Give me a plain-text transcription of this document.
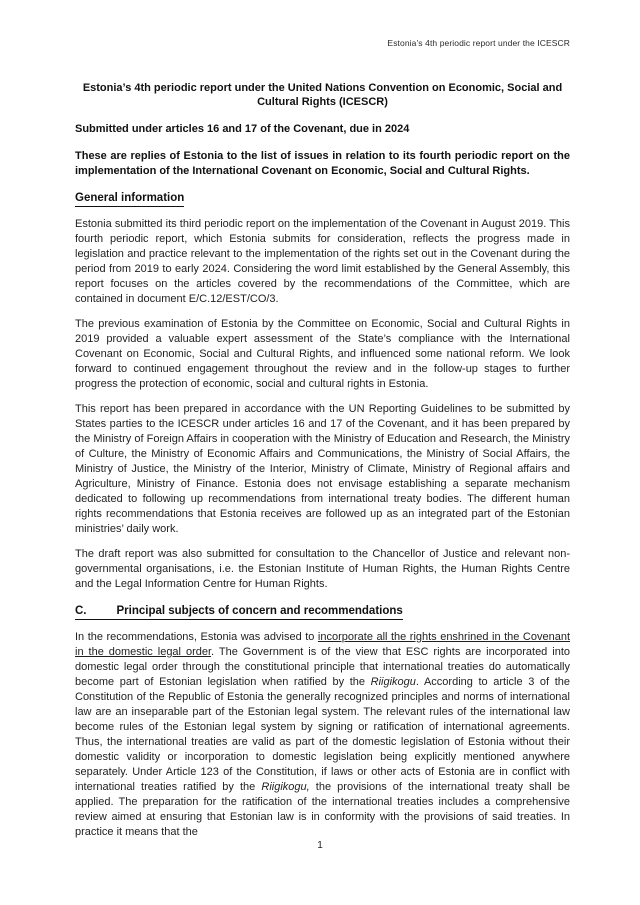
Estonia’s 4th periodic report under the ICESCR
Estonia’s 4th periodic report under the United Nations Convention on Economic, Social and Cultural Rights (ICESCR)
Submitted under articles 16 and 17 of the Covenant, due in 2024
These are replies of Estonia to the list of issues in relation to its fourth periodic report on the implementation of the International Covenant on Economic, Social and Cultural Rights.
General information

Estonia submitted its third periodic report on the implementation of the Covenant in August 2019. This fourth periodic report, which Estonia submits for consideration, reflects the progress made in legislation and practice relevant to the implementation of the rights set out in the Covenant during the period from 2019 to early 2024. Considering the word limit established by the General Assembly, this report focuses on the articles covered by the recommendations of the Committee, which are contained in document E/C.12/EST/CO/3.

The previous examination of Estonia by the Committee on Economic, Social and Cultural Rights in 2019 provided a valuable expert assessment of the State’s compliance with the International Covenant on Economic, Social and Cultural Rights, and influenced some national reform. We look forward to continued engagement throughout the review and in the follow-up stages to further progress the protection of economic, social and cultural rights in Estonia.

This report has been prepared in accordance with the UN Reporting Guidelines to be submitted by States parties to the ICESCR under articles 16 and 17 of the Covenant, and it has been prepared by the Ministry of Foreign Affairs in cooperation with the Ministry of Education and Research, the Ministry of Culture, the Ministry of Economic Affairs and Communications, the Ministry of Social Affairs, the Ministry of Justice, the Ministry of the Interior, Ministry of Climate, Ministry of Regional affairs and Agriculture, Ministry of Finance. Estonia does not envisage establishing a separate mechanism dedicated to following up recommendations from international treaty bodies. The different human rights recommendations that Estonia receives are followed up as an integrated part of the Estonian ministries’ daily work.

The draft report was also submitted for consultation to the Chancellor of Justice and relevant non-governmental organisations, i.e. the Estonian Institute of Human Rights, the Human Rights Centre and the Legal Information Centre for Human Rights.

C.	Principal subjects of concern and recommendations

In the recommendations, Estonia was advised to incorporate all the rights enshrined in the Covenant in the domestic legal order. The Government is of the view that ESC rights are incorporated into domestic legal order through the constitutional principle that international treaties do automatically become part of Estonian legislation when ratified by the Riigikogu. According to article 3 of the Constitution of the Republic of Estonia the generally recognized principles and norms of international law are an inseparable part of the Estonian legal system. The relevant rules of the international law become rules of the Estonian legal system by signing or ratification of international agreements. Thus, the international treaties are valid as part of the domestic legislation of Estonia without their domestic validity or incorporation to domestic legislation being explicitly mentioned anywhere separately. Under Article 123 of the Constitution, if laws or other acts of Estonia are in conflict with international treaties ratified by the Riigikogu, the provisions of the international treaty shall be applied. The preparation for the ratification of the international treaties includes a comprehensive review aimed at ensuring that Estonian law is in conformity with the provisions of said treaties. In practice it means that the

1
